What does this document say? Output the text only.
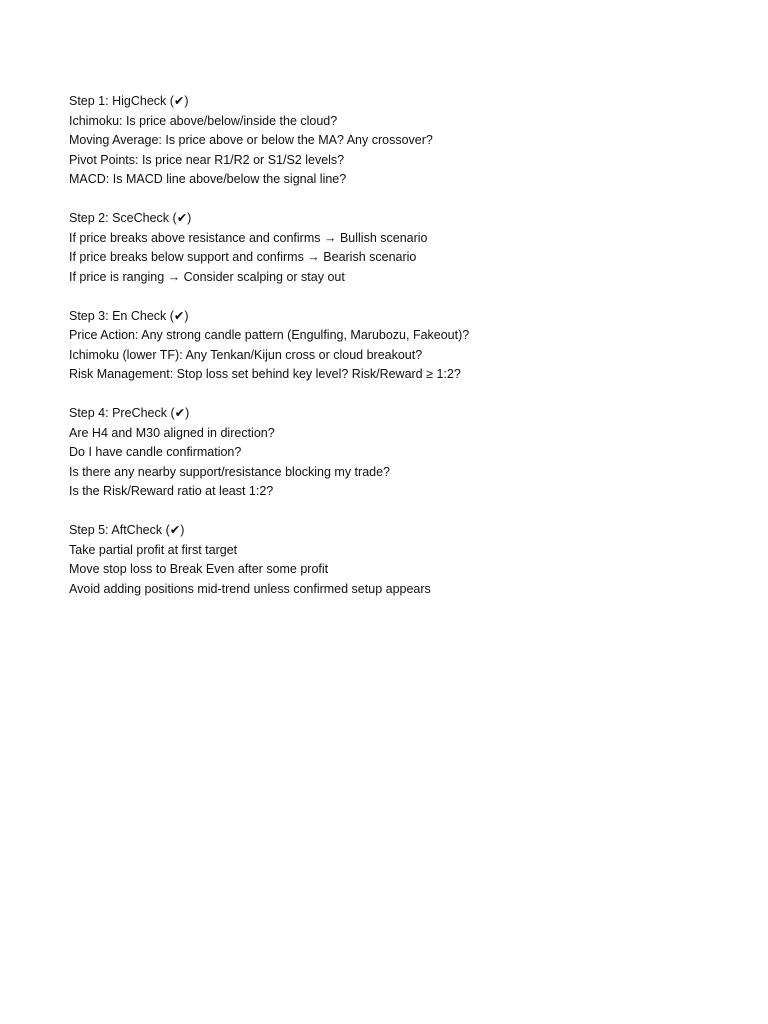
Step 1: HigCheck (✔)
Ichimoku: Is price above/below/inside the cloud?
Moving Average: Is price above or below the MA? Any crossover?
Pivot Points: Is price near R1/R2 or S1/S2 levels?
MACD: Is MACD line above/below the signal line?
Step 2: SceCheck (✔)
If price breaks above resistance and confirms → Bullish scenario
If price breaks below support and confirms → Bearish scenario
If price is ranging → Consider scalping or stay out
Step 3: En Check (✔)
Price Action: Any strong candle pattern (Engulfing, Marubozu, Fakeout)?
Ichimoku (lower TF): Any Tenkan/Kijun cross or cloud breakout?
Risk Management: Stop loss set behind key level? Risk/Reward ≥ 1:2?
Step 4: PreCheck (✔)
Are H4 and M30 aligned in direction?
Do I have candle confirmation?
Is there any nearby support/resistance blocking my trade?
Is the Risk/Reward ratio at least 1:2?
Step 5: AftCheck (✔)
Take partial profit at first target
Move stop loss to Break Even after some profit
Avoid adding positions mid-trend unless confirmed setup appears
